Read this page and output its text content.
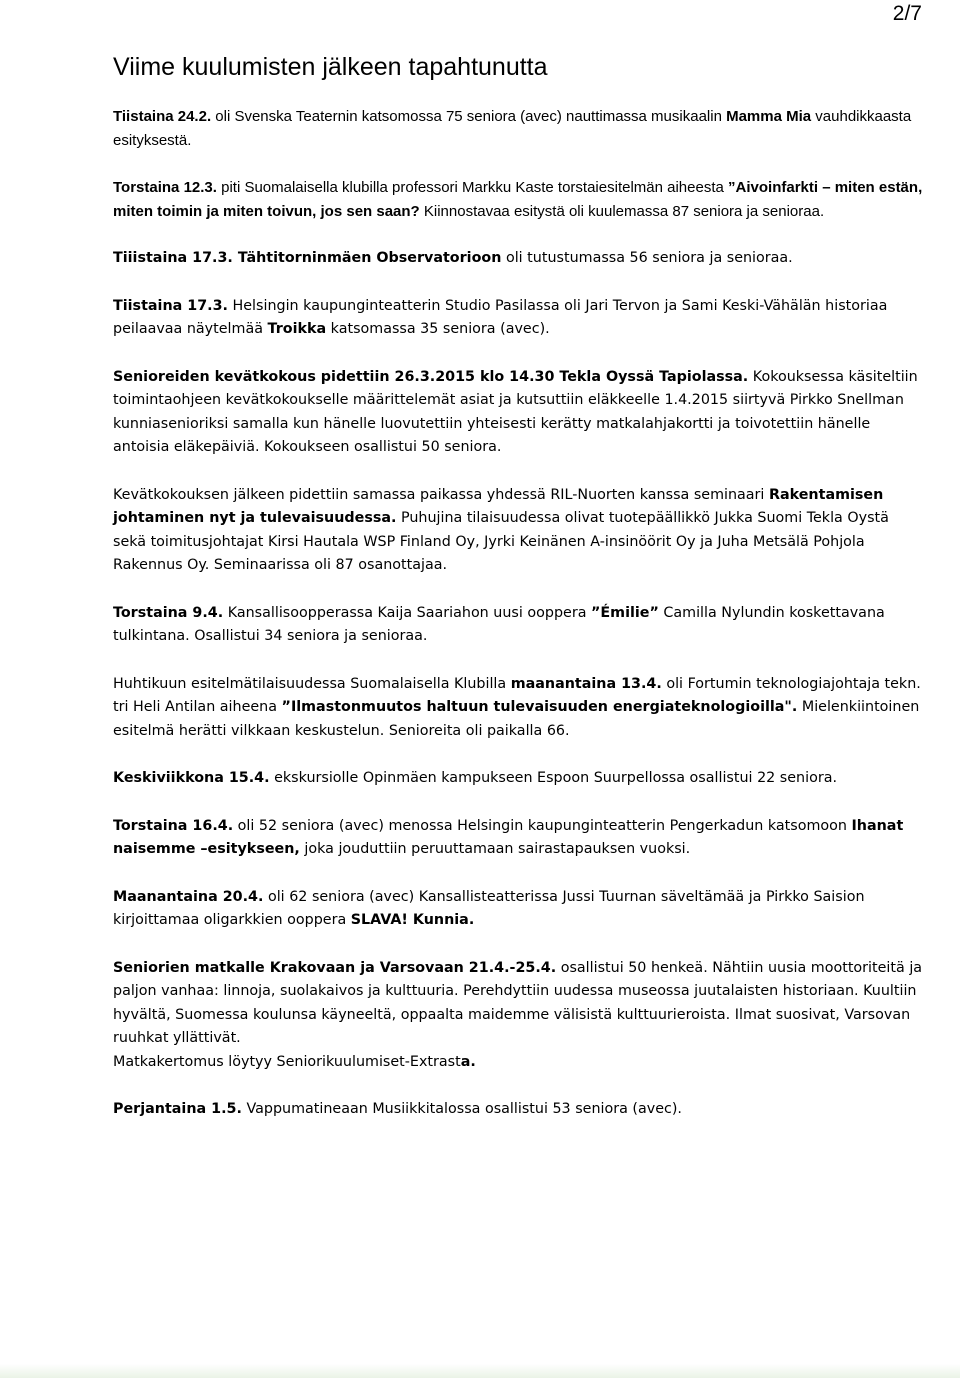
2/7
Viime kuulumisten jälkeen tapahtunutta

Tiistaina 24.2. oli Svenska Teaternin katsomossa 75 seniora (avec) nauttimassa musikaalin Mamma Mia vauhdikkaasta esityksestä.

Torstaina 12.3. piti Suomalaisella klubilla professori Markku Kaste torstaiesitelmän aiheesta ”Aivoinfarkti – miten estän, miten toimin ja miten toivun, jos sen saan? Kiinnostavaa esitystä oli kuulemassa 87 seniora ja senioraa.

Tiiistaina 17.3. Tähtitorninmäen Observatorioon oli tutustumassa 56 seniora ja senioraa.

Tiistaina 17.3. Helsingin kaupunginteatterin Studio Pasilassa oli Jari Tervon ja Sami Keski-Vähälän historiaa peilaavaa näytelmää Troikka katsomassa 35 seniora (avec).

Senioreiden kevätkokous pidettiin 26.3.2015 klo 14.30 Tekla Oyssä Tapiolassa. Kokouksessa käsiteltiin toimintaohjeen kevätkokoukselle määrittelemät asiat ja kutsuttiin eläkkeelle 1.4.2015 siirtyvä Pirkko Snellman kunniasenioriksi samalla kun hänelle luovutettiin yhteisesti kerätty matkalahjakortti ja toivotettiin hänelle antoisia eläkepäiviä. Kokoukseen osallistui 50 seniora.

Kevätkokouksen jälkeen pidettiin samassa paikassa yhdessä RIL-Nuorten kanssa seminaari Rakentamisen johtaminen nyt ja tulevaisuudessa. Puhujina tilaisuudessa olivat tuotepäällikkö Jukka Suomi Tekla Oystä sekä toimitusjohtajat Kirsi Hautala WSP Finland Oy, Jyrki Keinänen A-insinöörit Oy ja Juha Metsälä Pohjola Rakennus Oy. Seminaarissa oli 87 osanottajaa.

Torstaina 9.4. Kansallisoopperassa Kaija Saariahon uusi ooppera ”Émilie” Camilla Nylundin koskettavana tulkintana. Osallistui 34 seniora ja senioraa.

Huhtikuun esitelmätilaisuudessa Suomalaisella Klubilla maanantaina 13.4. oli Fortumin teknologiajohtaja tekn. tri Heli Antilan aiheena ”Ilmastonmuutos haltuun tulevaisuuden energiateknologioilla". Mielenkiintoinen esitelmä herätti vilkkaan keskustelun. Senioreita oli paikalla 66.

Keskiviikkona 15.4. ekskursiolle Opinmäen kampukseen Espoon Suurpellossa osallistui 22 seniora.

Torstaina 16.4. oli 52 seniora (avec) menossa Helsingin kaupunginteatterin Pengerkadun katsomoon Ihanat naisemme –esitykseen, joka jouduttiin peruuttamaan sairastapauksen vuoksi.

Maanantaina 20.4. oli 62 seniora (avec) Kansallisteatterissa Jussi Tuurnan säveltämää ja Pirkko Saision kirjoittamaa oligarkkien ooppera SLAVA! Kunnia.

Seniorien matkalle Krakovaan ja Varsovaan 21.4.-25.4. osallistui 50 henkeä. Nähtiin uusia moottoriteitä ja paljon vanhaa: linnoja, suolakaivos ja kulttuuria. Perehdyttiin uudessa museossa juutalaisten historiaan. Kuultiin hyvältä, Suomessa koulunsa käyneeltä, oppaalta maidemme välisistä kulttuurieroista. Ilmat suosivat, Varsovan ruuhkat yllättivät.
Matkakertomus löytyy Seniorikuulumiset-Extrasta.

Perjantaina 1.5. Vappumatineaan Musiikkitalossa osallistui 53 seniora (avec).
